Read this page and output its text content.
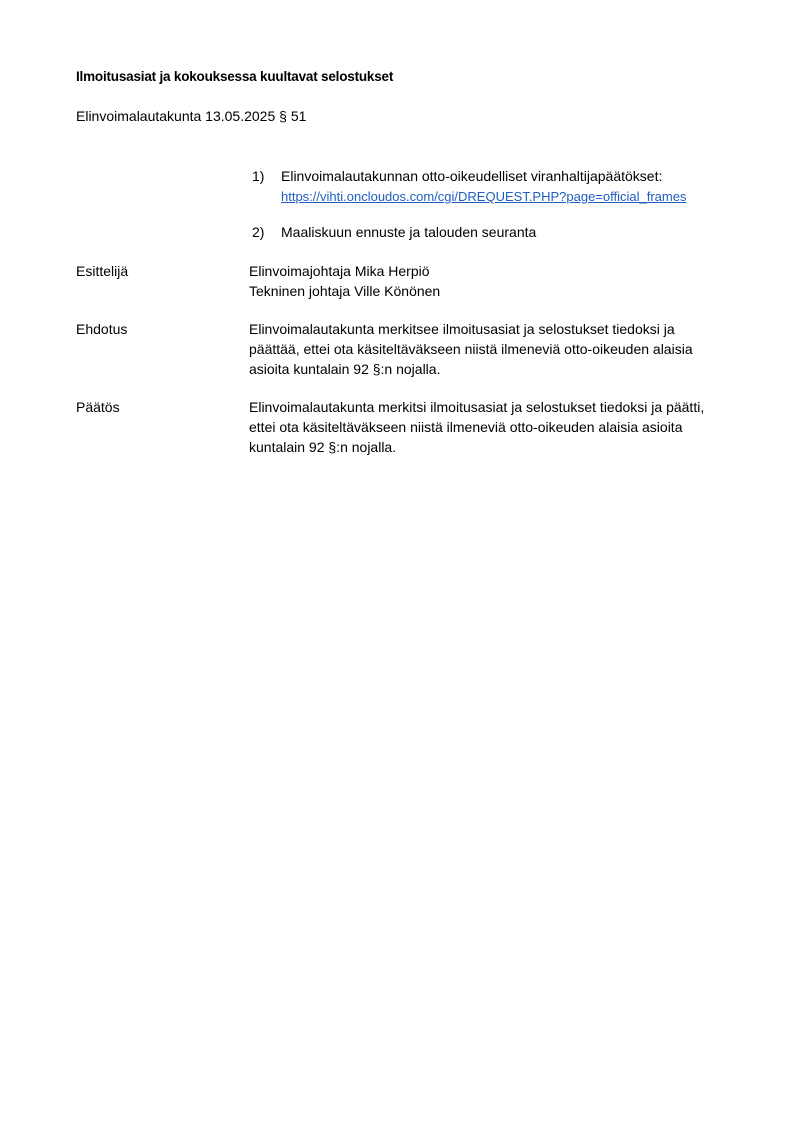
Ilmoitusasiat ja kokouksessa kuultavat selostukset
Elinvoimalautakunta 13.05.2025 § 51
1)	Elinvoimalautakunnan otto-oikeudelliset viranhaltijapäätökset:
https://vihti.oncloudos.com/cgi/DREQUEST.PHP?page=official_frames
2)	Maaliskuun ennuste ja talouden seuranta
Esittelijä	Elinvoimajohtaja Mika Herpiö
Tekninen johtaja Ville Könönen
Ehdotus	Elinvoimalautakunta merkitsee ilmoitusasiat ja selostukset tiedoksi ja
päättää, ettei ota käsiteltäväkseen niistä ilmeneviä otto-oikeuden alaisia
asioita kuntalain 92 §:n nojalla.
Päätös	Elinvoimalautakunta merkitsi ilmoitusasiat ja selostukset tiedoksi ja päätti,
ettei ota käsiteltäväkseen niistä ilmeneviä otto-oikeuden alaisia asioita
kuntalain 92 §:n nojalla.
